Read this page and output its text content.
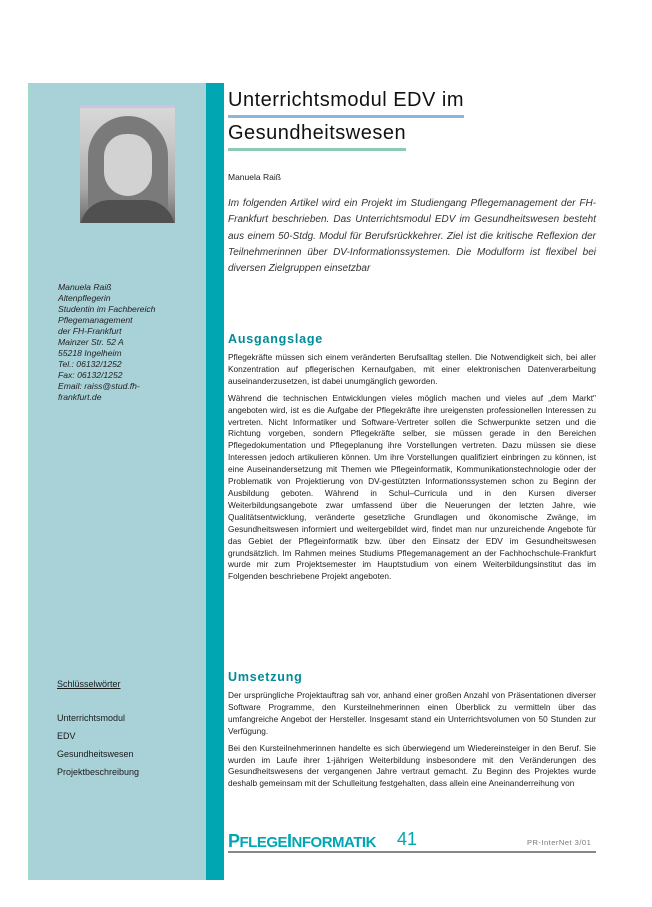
Manuela Raiß
Altenpflegerin
Studentin im Fachbereich
Pflegemanagement
der FH-Frankfurt
Mainzer Str. 52 A
55218 Ingelheim
Tel.: 06132/1252
Fax: 06132/1252
Email: raiss@stud.fh-
frankfurt.de
Schlüsselwörter
Unterrichtsmodul
EDV
Gesundheitswesen
Projektbeschreibung
Unterrichtsmodul EDV im
Gesundheitswesen
Manuela Raiß
Im folgenden Artikel wird ein Projekt im Studiengang Pflegemanagement der FH-Frankfurt beschrieben. Das Unterrichtsmodul EDV im Gesundheitswesen besteht aus einem 50-Stdg. Modul für Berufsrückkehrer. Ziel ist die kritische Reflexion der Teilnehmerinnen über DV-Informationssystemen. Die Modulform ist flexibel bei diversen Zielgruppen einsetzbar
Ausgangslage

Pflegekräfte müssen sich einem veränderten Berufsalltag stellen. Die Notwendigkeit sich, bei aller Konzentration auf pflegerischen Kernaufgaben, mit einer elektronischen Datenverarbeitung auseinanderzusetzen, ist dabei unumgänglich geworden.

Während die technischen Entwicklungen vieles möglich machen und vieles auf „dem Markt" angeboten wird, ist es die Aufgabe der Pflegekräfte ihre ureigensten professionellen Interessen zu vertreten. Nicht Informatiker und Software-Vertreter sollen die Schwerpunkte setzen und die Richtung vorgeben, sondern Pflegekräfte selber, sie müssen gerade in den Bereichen Pflegedokumentation und Pflegeplanung ihre Vorstellungen vertreten. Dazu müssen sie diese Interessen jedoch artikulieren können. Um ihre Vorstellungen qualifiziert einbringen zu können, ist eine Auseinandersetzung mit Themen wie Pflegeinformatik, Kommunikationstechnologie oder der Problematik von Projektierung von DV-gestützten Informationssystemen schon zu Beginn der Ausbildung geboten. Während in Schul–Curricula und in den Kursen diverser Weiterbildungsangebote zwar umfassend über die Neuerungen der letzten Jahre, wie Qualitätsentwicklung, veränderte gesetzliche Grundlagen und ökonomische Zwänge, im Gesundheitswesen informiert und weitergebildet wird, findet man nur unzureichende Angebote für das Gebiet der Pflegeinformatik bzw. über den Einsatz der EDV im Gesundheitswesen grundsätzlich. Im Rahmen meines Studiums Pflegemanagement an der Fachhochschule-Frankfurt wurde mir zum Projektsemester im Hauptstudium von einem Weiterbildungsinstitut das im Folgenden beschriebene Projekt angeboten.

Umsetzung

Der ursprüngliche Projektauftrag sah vor, anhand einer großen Anzahl von Präsentationen diverser Software Programme, den Kursteilnehmerinnen einen Überblick zu vermitteln über das umfangreiche Angebot der Hersteller. Insgesamt stand ein Unterrichtsvolumen von 50 Stunden zur Verfügung.

Bei den Kursteilnehmerinnen handelte es sich überwiegend um Wiedereinsteiger in den Beruf. Sie wurden im Laufe ihrer 1-jährigen Weiterbildung insbesondere mit den Veränderungen des Gesundheitswesens der vergangenen Jahre vertraut gemacht. Zu Beginn des Projektes wurde deshalb gemeinsam mit der Schulleitung festgehalten, dass allein eine Aneinanderreihung von

PFLEGEINFORMATIK 41	PR-InterNet 3/01
